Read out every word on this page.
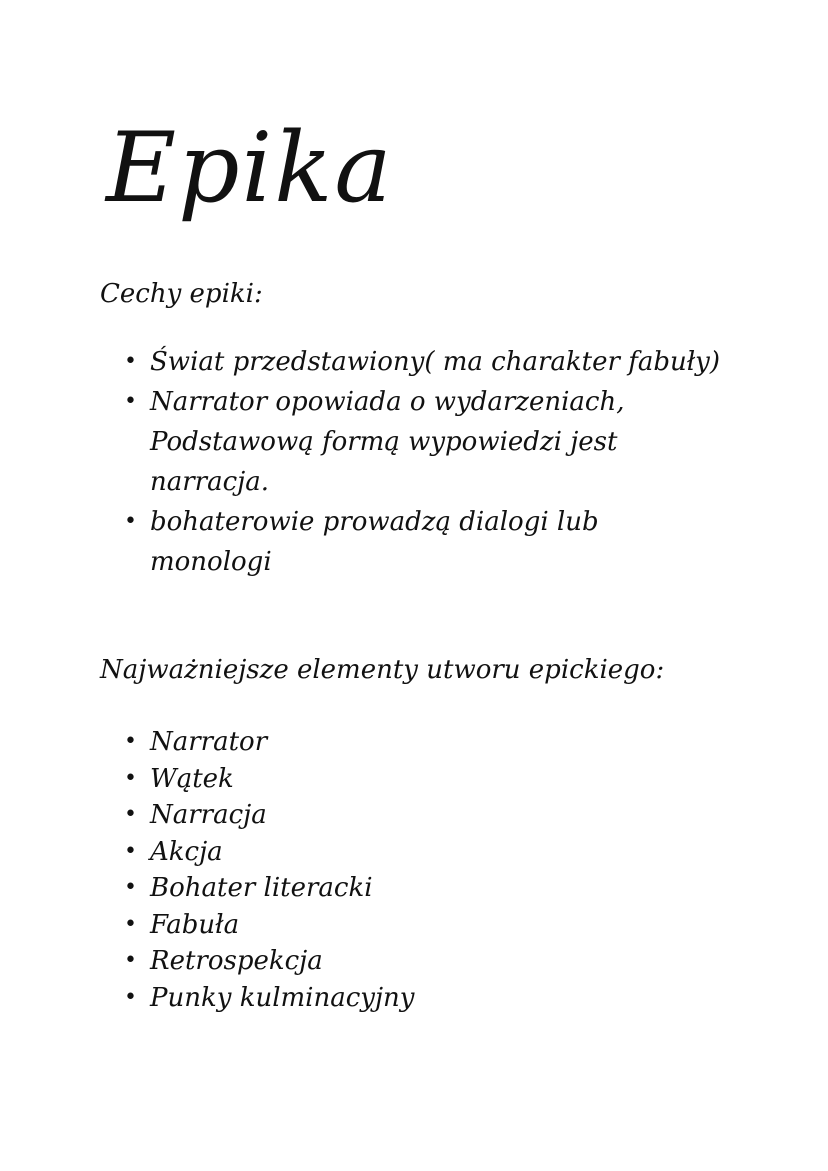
Epika
Cechy epiki:
• Świat przedstawiony( ma charakter fabuły)
• Narrator opowiada o wydarzeniach, Podstawową formą wypowiedzi jest narracja.
• bohaterowie prowadzą dialogi lub monologi
Najważniejsze elementy utworu epickiego:
• Narrator
• Wątek
• Narracja
• Akcja
• Bohater literacki
• Fabuła
• Retrospekcja
• Punky kulminacyjny
